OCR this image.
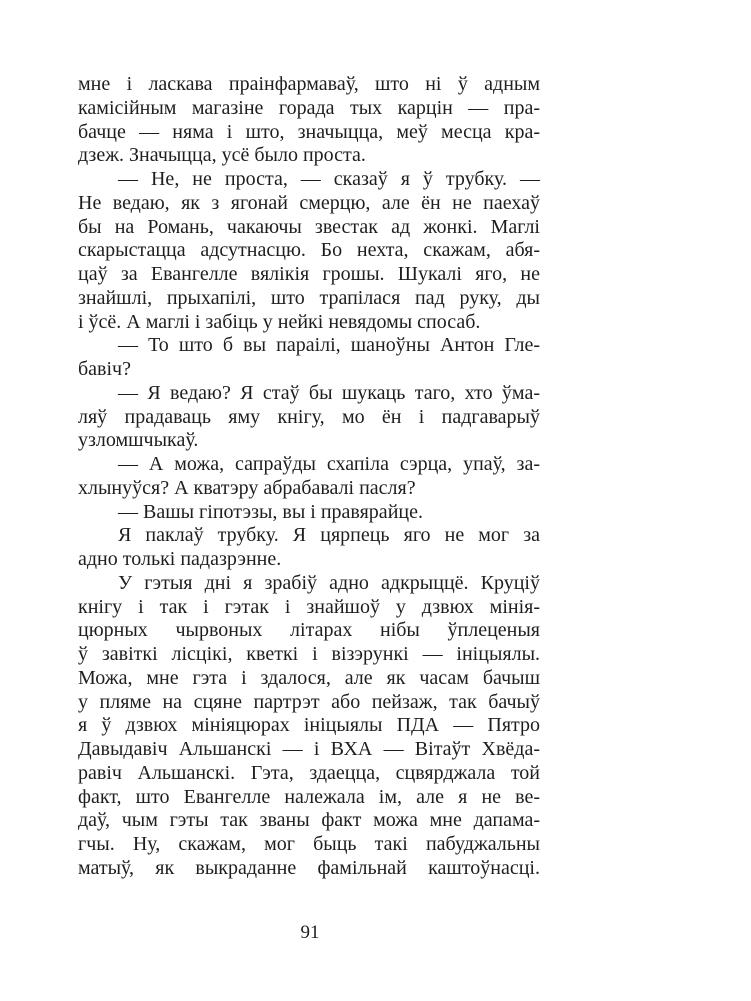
мне і ласкава праінфармаваў, што ні ў адным
камісійным магазіне горада тых карцін — пра-
бачце — няма і што, значыцца, меў месца кра-
дзеж. Значыцца, усё было проста.
— Не, не проста, — сказаў я ў трубку. —
Не ведаю, як з ягонай смерцю, але ён не паехаў
бы на Романь, чакаючы звестак ад жонкі. Маглі
скарыстацца адсутнасцю. Бо нехта, скажам, абя-
цаў за Евангелле вялікія грошы. Шукалі яго, не
знайшлі, прыхапілі, што трапілася пад руку, ды
і ўсё. А маглі і забіць у нейкі невядомы спосаб.
— То што б вы параілі, шаноўны Антон Гле-
бавіч?
— Я ведаю? Я стаў бы шукаць таго, хто ўма-
ляў прадаваць яму кнігу, мо ён і падгаварыў
узломшчыкаў.
— А можа, сапраўды схапіла сэрца, упаў, за-
хлынуўся? А кватэру абрабавалі пасля?
— Вашы гіпотэзы, вы і правярайце.
Я паклаў трубку. Я цярпець яго не мог за
адно толькі падазрэнне.
У гэтыя дні я зрабіў адно адкрыццё. Круціў
кнігу і так і гэтак і знайшоў у дзвюх мінія-
цюрных чырвоных літарах нібы ўплеценыя
ў завіткі лісцікі, кветкі і візэрункі — ініцыялы.
Можа, мне гэта і здалося, але як часам бачыш
у пляме на сцяне партрэт або пейзаж, так бачыў
я ў дзвюх мініяцюрах ініцыялы ПДА — Пятро
Давыдавіч Альшанскі — і ВХА — Вітаўт Хвёда-
равіч Альшанскі. Гэта, здаецца, сцвярджала той
факт, што Евангелле належала ім, але я не ве-
даў, чым гэты так званы факт можа мне дапама-
гчы. Ну, скажам, мог быць такі пабуджальны
матыў, як выкраданне фамільнай каштоўнасці.
91
